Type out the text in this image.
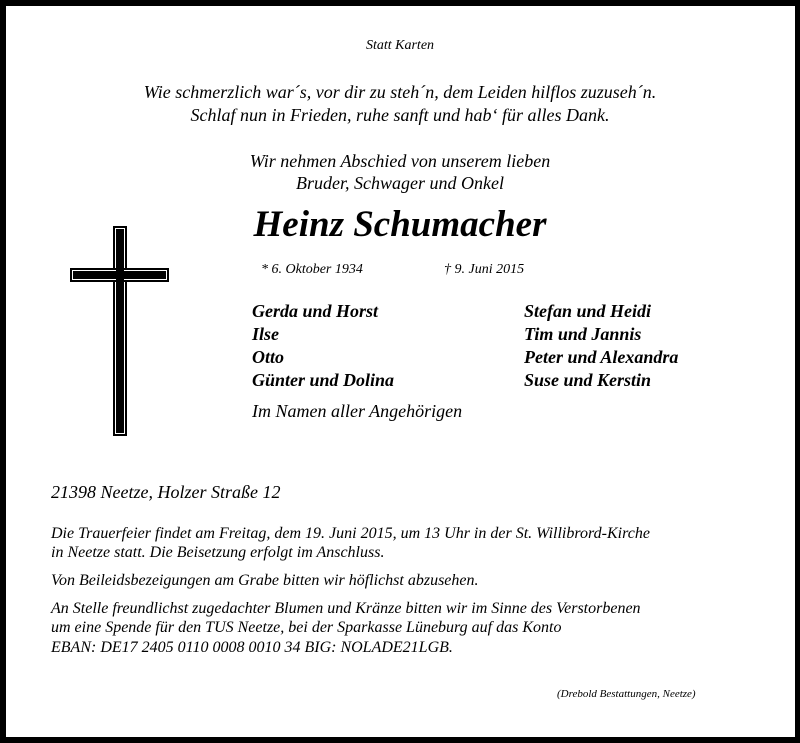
Statt Karten
Wie schmerzlich war´s, vor dir zu steh´n, dem Leiden hilflos zuzuseh´n.
Schlaf nun in Frieden, ruhe sanft und hab‘ für alles Dank.
Wir nehmen Abschied von unserem lieben
Bruder, Schwager und Onkel
Heinz Schumacher
* 6. Oktober 1934	† 9. Juni 2015
Gerda und Horst
Ilse
Otto
Günter und Dolina
Stefan und Heidi
Tim und Jannis
Peter und Alexandra
Suse und Kerstin
Im Namen aller Angehörigen
21398 Neetze, Holzer Straße 12
Die Trauerfeier findet am Freitag, dem 19. Juni 2015, um 13 Uhr in der St. Willibrord-Kirche
in Neetze statt. Die Beisetzung erfolgt im Anschluss.
Von Beileidsbezeigungen am Grabe bitten wir höflichst abzusehen.
An Stelle freundlichst zugedachter Blumen und Kränze bitten wir im Sinne des Verstorbenen
um eine Spende für den TUS Neetze, bei der Sparkasse Lüneburg auf das Konto
EBAN: DE17 2405 0110 0008 0010 34 BIG: NOLADE21LGB.
(Drebold Bestattungen, Neetze)
